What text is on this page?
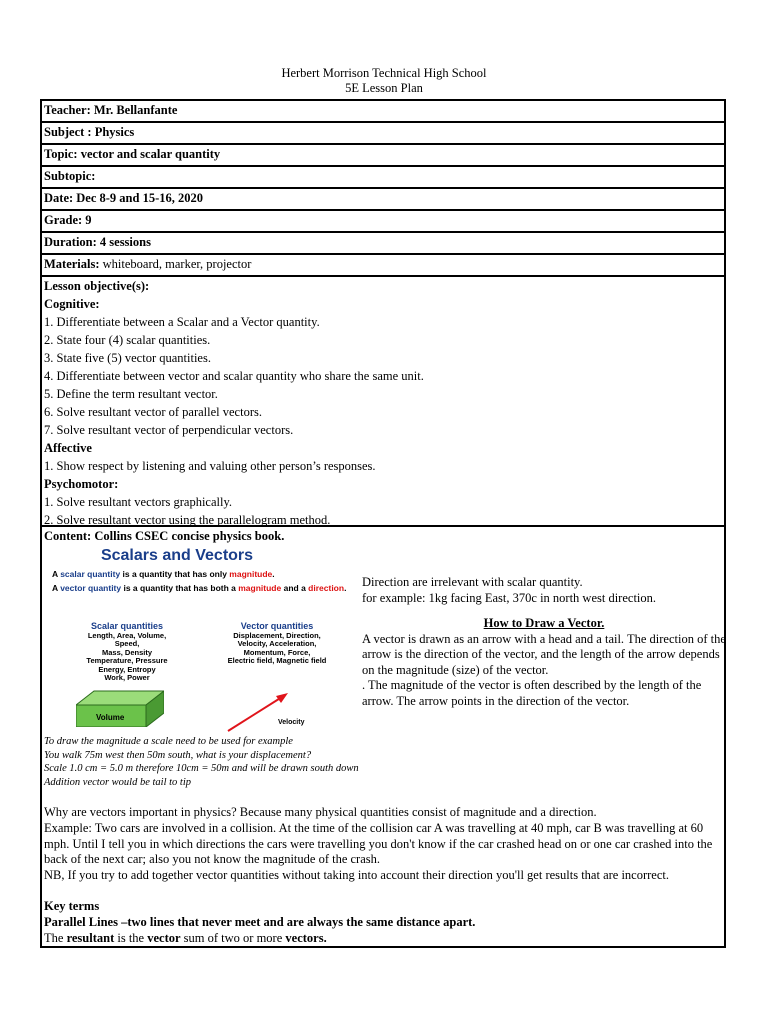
Herbert Morrison Technical High School
5E Lesson Plan
Teacher: Mr. Bellanfante
Subject : Physics
Topic: vector and scalar quantity
Subtopic:
Date: Dec 8-9 and 15-16, 2020
Grade: 9
Duration: 4 sessions
Materials: whiteboard, marker, projector
Lesson objective(s):
Cognitive:
1. Differentiate between a Scalar and a Vector quantity.
2. State four (4) scalar quantities.
3. State five (5) vector quantities.
4. Differentiate between vector and scalar quantity who share the same unit.
5. Define the term resultant vector.
6. Solve resultant vector of parallel vectors.
7. Solve resultant vector of perpendicular vectors.
Affective
1. Show respect by listening and valuing other person’s responses.
Psychomotor:
1. Solve resultant vectors graphically.
2. Solve resultant vector using the parallelogram method.
Content: Collins CSEC concise physics book.
Scalars and Vectors
A scalar quantity is a quantity that has only magnitude.
A vector quantity is a quantity that has both a magnitude and a direction.
Scalar quantities
Length, Area, Volume,
Speed,
Mass, Density
Temperature, Pressure
Energy, Entropy
Work, Power
Vector quantities
Displacement, Direction,
Velocity, Acceleration,
Momentum, Force,
Electric field, Magnetic field
Volume
Velocity
Direction are irrelevant with scalar quantity.
for example: 1kg facing East, 370c in north west direction.
How to Draw a Vector.
A vector is drawn as an arrow with a head and a tail. The direction of the arrow is the direction of the vector, and the length of the arrow depends on the magnitude (size) of the vector.
. The magnitude of the vector is often described by the length of the arrow. The arrow points in the direction of the vector.
To draw the magnitude a scale need to be used for example
You walk 75m west then 50m south, what is your displacement?
Scale 1.0 cm = 5.0 m therefore 10cm = 50m and will be drawn south down
Addition vector would be tail to tip
Why are vectors important in physics? Because many physical quantities consist of magnitude and a direction.
Example: Two cars are involved in a collision. At the time of the collision car A was travelling at 40 mph, car B was travelling at 60 mph. Until I tell you in which directions the cars were travelling you don't know if the car crashed head on or one car crashed into the back of the next car; also you not know the magnitude of the crash.
NB, If you try to add together vector quantities without taking into account their direction you'll get results that are incorrect.
Key terms
Parallel Lines –two lines that never meet and are always the same distance apart.
The resultant is the vector sum of two or more vectors.
